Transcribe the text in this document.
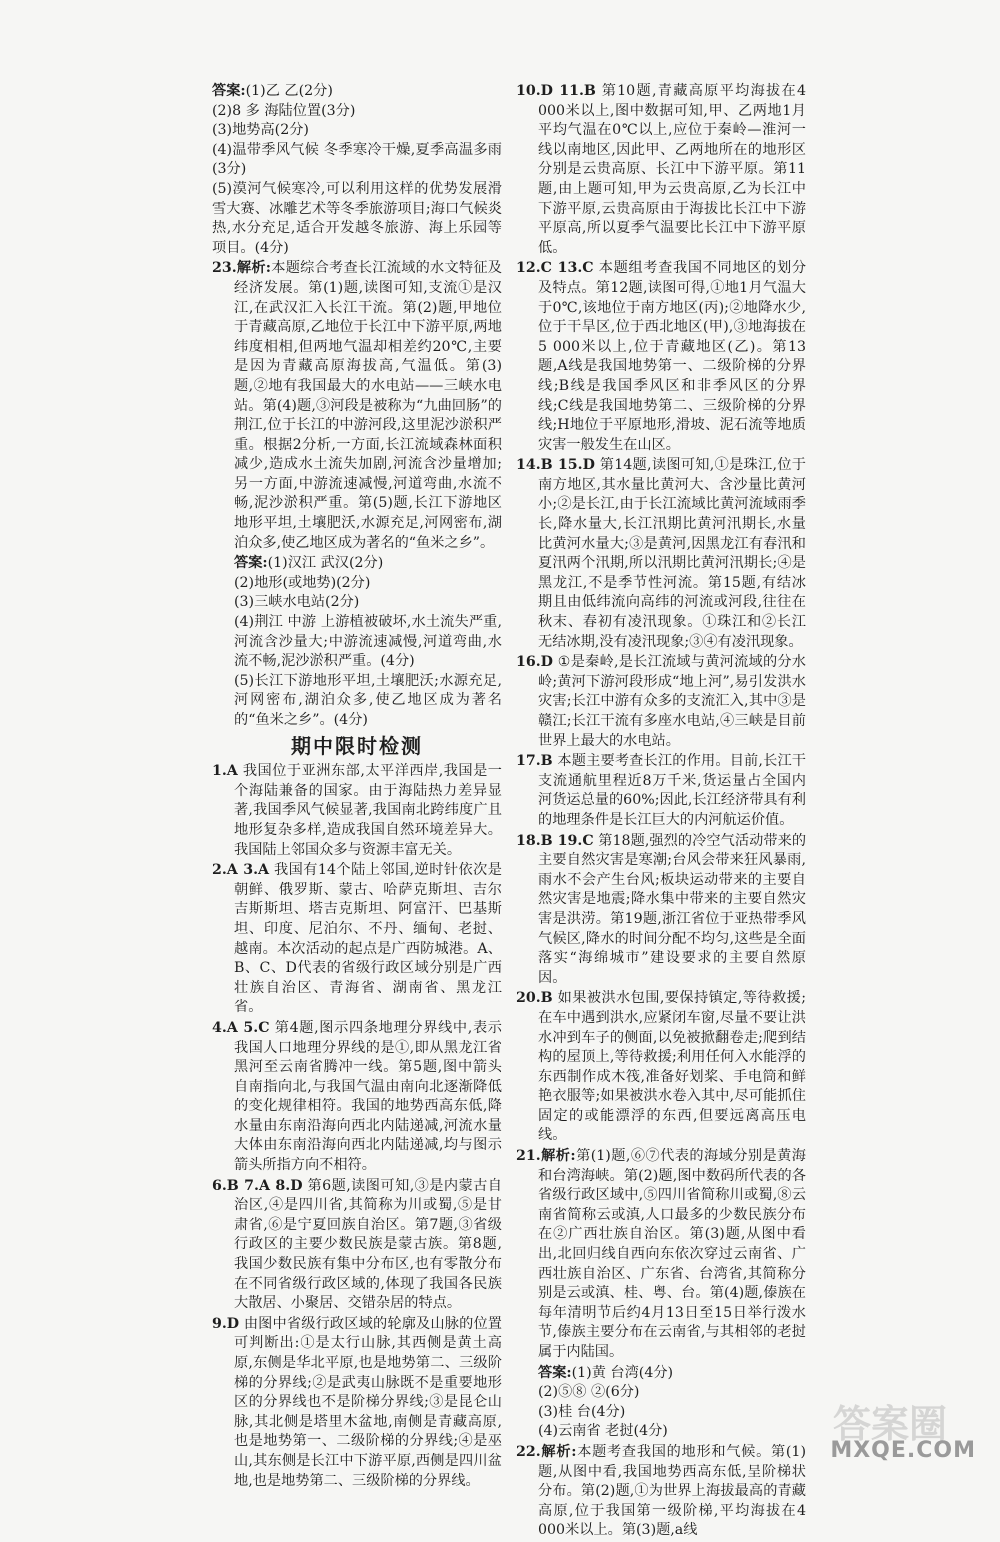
答案:(1)乙 乙(2分)
(2)8 多 海陆位置(3分)
(3)地势高(2分)
(4)温带季风气候 冬季寒冷干燥,夏季高温多雨(3分)
(5)漠河气候寒冷,可以利用这样的优势发展滑雪大赛、冰雕艺术等冬季旅游项目;海口气候炎热,水分充足,适合开发越冬旅游、海上乐园等项目。(4分)
23.解析:本题综合考查长江流域的水文特征及经济发展。第(1)题,读图可知,支流①是汉江,在武汉汇入长江干流。第(2)题,甲地位于青藏高原,乙地位于长江中下游平原,两地纬度相相,但两地气温却相差约20℃,主要是因为青藏高原海拔高,气温低。第(3)题,②地有我国最大的水电站——三峡水电站。第(4)题,③河段是被称为“九曲回肠”的荆江,位于长江的中游河段,这里泥沙淤积严重。根据2分析,一方面,长江流域森林面积减少,造成水土流失加剧,河流含沙量增加;另一方面,中游流速减慢,河道弯曲,水流不畅,泥沙淤积严重。第(5)题,长江下游地区地形平坦,土壤肥沃,水源充足,河网密布,湖泊众多,使乙地区成为著名的“鱼米之乡”。
答案:(1)汉江 武汉(2分)
(2)地形(或地势)(2分)
(3)三峡水电站(2分)
(4)荆江 中游 上游植被破坏,水土流失严重,河流含沙量大;中游流速减慢,河道弯曲,水流不畅,泥沙淤积严重。(4分)
(5)长江下游地形平坦,土壤肥沃;水源充足,河网密布,湖泊众多,使乙地区成为著名的“鱼米之乡”。(4分)
期中限时检测
1.A 我国位于亚洲东部,太平洋西岸,我国是一个海陆兼备的国家。由于海陆热力差异显著,我国季风气候显著,我国南北跨纬度广且地形复杂多样,造成我国自然环境差异大。我国陆上邻国众多与资源丰富无关。
2.A 3.A 我国有14个陆上邻国,逆时针依次是朝鲜、俄罗斯、蒙古、哈萨克斯坦、吉尔吉斯斯坦、塔吉克斯坦、阿富汗、巴基斯坦、印度、尼泊尔、不丹、缅甸、老挝、越南。本次活动的起点是广西防城港。A、B、C、D代表的省级行政区域分别是广西壮族自治区、青海省、湖南省、黑龙江省。
4.A 5.C 第4题,图示四条地理分界线中,表示我国人口地理分界线的是①,即从黑龙江省黑河至云南省腾冲一线。第5题,图中箭头自南指向北,与我国气温由南向北逐渐降低的变化规律相符。我国的地势西高东低,降水量由东南沿海向西北内陆递减,河流水量大体由东南沿海向西北内陆递减,均与图示箭头所指方向不相符。
6.B 7.A 8.D 第6题,读图可知,③是内蒙古自治区,④是四川省,其简称为川或蜀,⑤是甘肃省,⑥是宁夏回族自治区。第7题,③省级行政区的主要少数民族是蒙古族。第8题,我国少数民族有集中分布区,也有零散分布在不同省级行政区域的,体现了我国各民族大散居、小聚居、交错杂居的特点。
9.D 由图中省级行政区域的轮廓及山脉的位置可判断出:①是太行山脉,其西侧是黄土高原,东侧是华北平原,也是地势第二、三级阶梯的分界线;②是武夷山脉既不是重要地形区的分界线也不是阶梯分界线;③是昆仑山脉,其北侧是塔里木盆地,南侧是青藏高原,也是地势第一、二级阶梯的分界线;④是巫山,其东侧是长江中下游平原,西侧是四川盆地,也是地势第二、三级阶梯的分界线。
10.D 11.B 第10题,青藏高原平均海拔在4 000米以上,图中数据可知,甲、乙两地1月平均气温在0℃以上,应位于秦岭—淮河一线以南地区,因此甲、乙两地所在的地形区分别是云贵高原、长江中下游平原。第11题,由上题可知,甲为云贵高原,乙为长江中下游平原,云贵高原由于海拔比长江中下游平原高,所以夏季气温要比长江中下游平原低。
12.C 13.C 本题组考查我国不同地区的划分及特点。第12题,读图可得,①地1月气温大于0℃,该地位于南方地区(丙);②地降水少,位于干旱区,位于西北地区(甲),③地海拔在5 000米以上,位于青藏地区(乙)。第13题,A线是我国地势第一、二级阶梯的分界线;B线是我国季风区和非季风区的分界线;C线是我国地势第二、三级阶梯的分界线;H地位于平原地形,滑坡、泥石流等地质灾害一般发生在山区。
14.B 15.D 第14题,读图可知,①是珠江,位于南方地区,其水量比黄河大、含沙量比黄河小;②是长江,由于长江流域比黄河流域雨季长,降水量大,长江汛期比黄河汛期长,水量比黄河水量大;③是黄河,因黑龙江有春汛和夏汛两个汛期,所以汛期比黄河汛期长;④是黑龙江,不是季节性河流。第15题,有结冰期且由低纬流向高纬的河流或河段,往往在秋末、春初有凌汛现象。①珠江和②长江无结冰期,没有凌汛现象;③④有凌汛现象。
16.D ①是秦岭,是长江流域与黄河流域的分水岭;黄河下游河段形成“地上河”,易引发洪水灾害;长江中游有众多的支流汇入,其中③是赣江;长江干流有多座水电站,④三峡是目前世界上最大的水电站。
17.B 本题主要考查长江的作用。目前,长江干支流通航里程近8万千米,货运量占全国内河货运总量的60%;因此,长江经济带具有利的地理条件是长江巨大的内河航运价值。
18.B 19.C 第18题,强烈的冷空气活动带来的主要自然灾害是寒潮;台风会带来狂风暴雨,雨水不会产生台风;板块运动带来的主要自然灾害是地震;降水集中带来的主要自然灾害是洪涝。第19题,浙江省位于亚热带季风气候区,降水的时间分配不均匀,这些是全面落实“海绵城市”建设要求的主要自然原因。
20.B 如果被洪水包围,要保持镇定,等待救援;在车中遇到洪水,应紧闭车窗,尽量不要让洪水冲到车子的侧面,以免被掀翻卷走;爬到结构的屋顶上,等待救援;利用任何入水能浮的东西制作成木筏,准备好划桨、手电筒和鲜艳衣服等;如果被洪水卷入其中,尽可能抓住固定的或能漂浮的东西,但要远离高压电线。
21.解析:第(1)题,⑥⑦代表的海域分别是黄海和台湾海峡。第(2)题,图中数码所代表的各省级行政区域中,⑤四川省简称川或蜀,⑧云南省简称云或滇,人口最多的少数民族分布在②广西壮族自治区。第(3)题,从图中看出,北回归线自西向东依次穿过云南省、广西壮族自治区、广东省、台湾省,其简称分别是云或滇、桂、粤、台。第(4)题,傣族在每年清明节后约4月13日至15日举行泼水节,傣族主要分布在云南省,与其相邻的老挝属于内陆国。
答案:(1)黄 台湾(4分)
(2)⑤⑧ ②(6分)
(3)桂 台(4分)
(4)云南省 老挝(4分)
22.解析:本题考查我国的地形和气候。第(1)题,从图中看,我国地势西高东低,呈阶梯状分布。第(2)题,①为世界上海拔最高的青藏高原,位于我国第一级阶梯,平均海拔在4 000米以上。第(3)题,a线
答案圈
MXQE.COM
